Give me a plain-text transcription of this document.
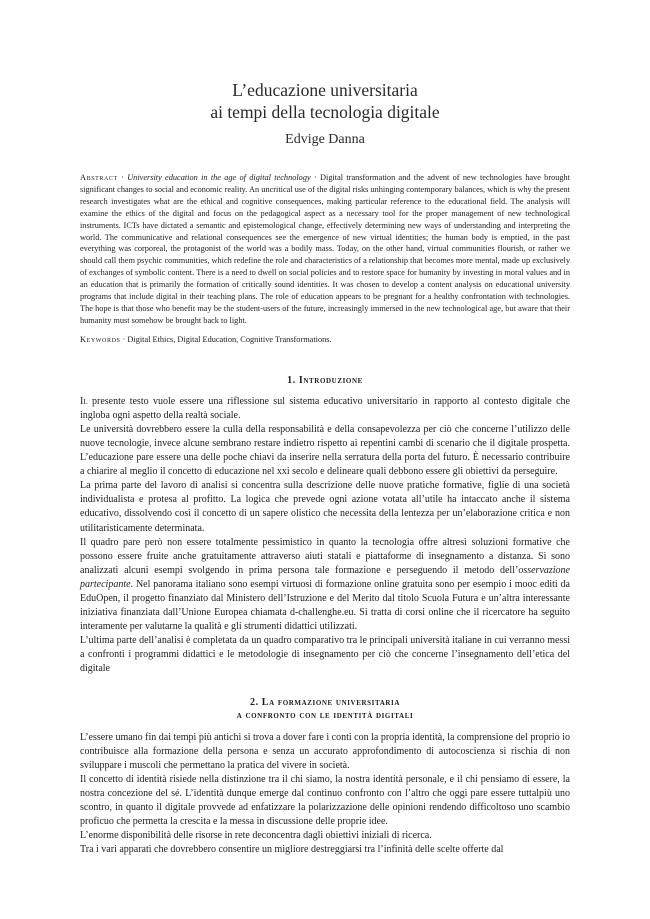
L’educazione universitaria
ai tempi della tecnologia digitale
Edvige Danna
Abstract · University education in the age of digital technology · Digital transformation and the advent of new technologies have brought significant changes to social and economic reality. An uncritical use of the digital risks unhinging contemporary balances, which is why the present research investigates what are the ethical and cognitive consequences, making particular reference to the educational field. The analysis will examine the ethics of the digital and focus on the pedagogical aspect as a necessary tool for the proper management of new technological instruments. ICTs have dictated a semantic and epistemological change, effectively determining new ways of understanding and interpreting the world. The communicative and relational consequences see the emergence of new virtual identities; the human body is emptied, in the past everything was corporeal, the protagonist of the world was a bodily mass. Today, on the other hand, virtual communities flourish, or rather we should call them psychic communities, which redefine the role and characteristics of a relationship that becomes more mental, made up exclusively of exchanges of symbolic content. There is a need to dwell on social policies and to restore space for humanity by investing in moral values and in an education that is primarily the formation of critically sound identities. It was chosen to develop a content analysis on educational university programs that include digital in their teaching plans. The role of education appears to be pregnant for a healthy confrontation with technologies. The hope is that those who benefit may be the student-users of the future, increasingly immersed in the new technological age, but aware that their humanity must somehow be brought back to light.
Keywords · Digital Ethics, Digital Education, Cognitive Transformations.
1. Introduzione

Il presente testo vuole essere una riflessione sul sistema educativo universitario in rapporto al contesto digitale che ingloba ogni aspetto della realtà sociale.

Le università dovrebbero essere la culla della responsabilità e della consapevolezza per ciò che concerne l’utilizzo delle nuove tecnologie, invece alcune sembrano restare indietro rispetto ai repentini cambi di scenario che il digitale prospetta. L’educazione pare essere una delle poche chiavi da inserire nella serratura della porta del futuro. È necessario contribuire a chiarire al meglio il concetto di educazione nel xxi secolo e delineare quali debbono essere gli obiettivi da perseguire.

La prima parte del lavoro di analisi si concentra sulla descrizione delle nuove pratiche formative, figlie di una società individualista e protesa al profitto. La logica che prevede ogni azione votata all’utile ha intaccato anche il sistema educativo, dissolvendo così il concetto di un sapere olistico che necessita della lentezza per un’elaborazione critica e non utilitaristicamente determinata.

Il quadro pare però non essere totalmente pessimistico in quanto la tecnologia offre altresì soluzioni formative che possono essere fruite anche gratuitamente attraverso aiuti statali e piattaforme di insegnamento a distanza. Si sono analizzati alcuni esempi svolgendo in prima persona tale formazione e perseguendo il metodo dell’osservazione partecipante. Nel panorama italiano sono esempi virtuosi di formazione online gratuita sono per esempio i mooc editi da EduOpen, il progetto finanziato dal Ministero dell’Istruzione e del Merito dal titolo Scuola Futura e un’altra interessante iniziativa finanziata dall’Unione Europea chiamata d-challenghe.eu. Si tratta di corsi online che il ricercatore ha seguito interamente per valutarne la qualità e gli strumenti didattici utilizzati.

L’ultima parte dell’analisi è completata da un quadro comparativo tra le principali università italiane in cui verranno messi a confronti i programmi didattici e le metodologie di insegnamento per ciò che concerne l’insegnamento dell’etica del digitale

2. La formazione universitaria
a confronto con le identità digitali

L’essere umano fin dai tempi più antichi si trova a dover fare i conti con la propria identità, la comprensione del proprio io contribuisce alla formazione della persona e senza un accurato approfondimento di autocoscienza si rischia di non sviluppare i muscoli che permettano la pratica del vivere in società.

Il concetto di identità risiede nella distinzione tra il chi siamo, la nostra identità personale, e il chi pensiamo di essere, la nostra concezione del sé. L’identità dunque emerge dal continuo confronto con l’altro che oggi pare essere tuttalpiù uno scontro, in quanto il digitale provvede ad enfatizzare la polarizzazione delle opinioni rendendo difficoltoso uno scambio proficuo che permetta la crescita e la messa in discussione delle proprie idee.

L’enorme disponibilità delle risorse in rete deconcentra dagli obiettivi iniziali di ricerca.

Tra i vari apparati che dovrebbero consentire un migliore destreggiarsi tra l’infinità delle scelte offerte dal
